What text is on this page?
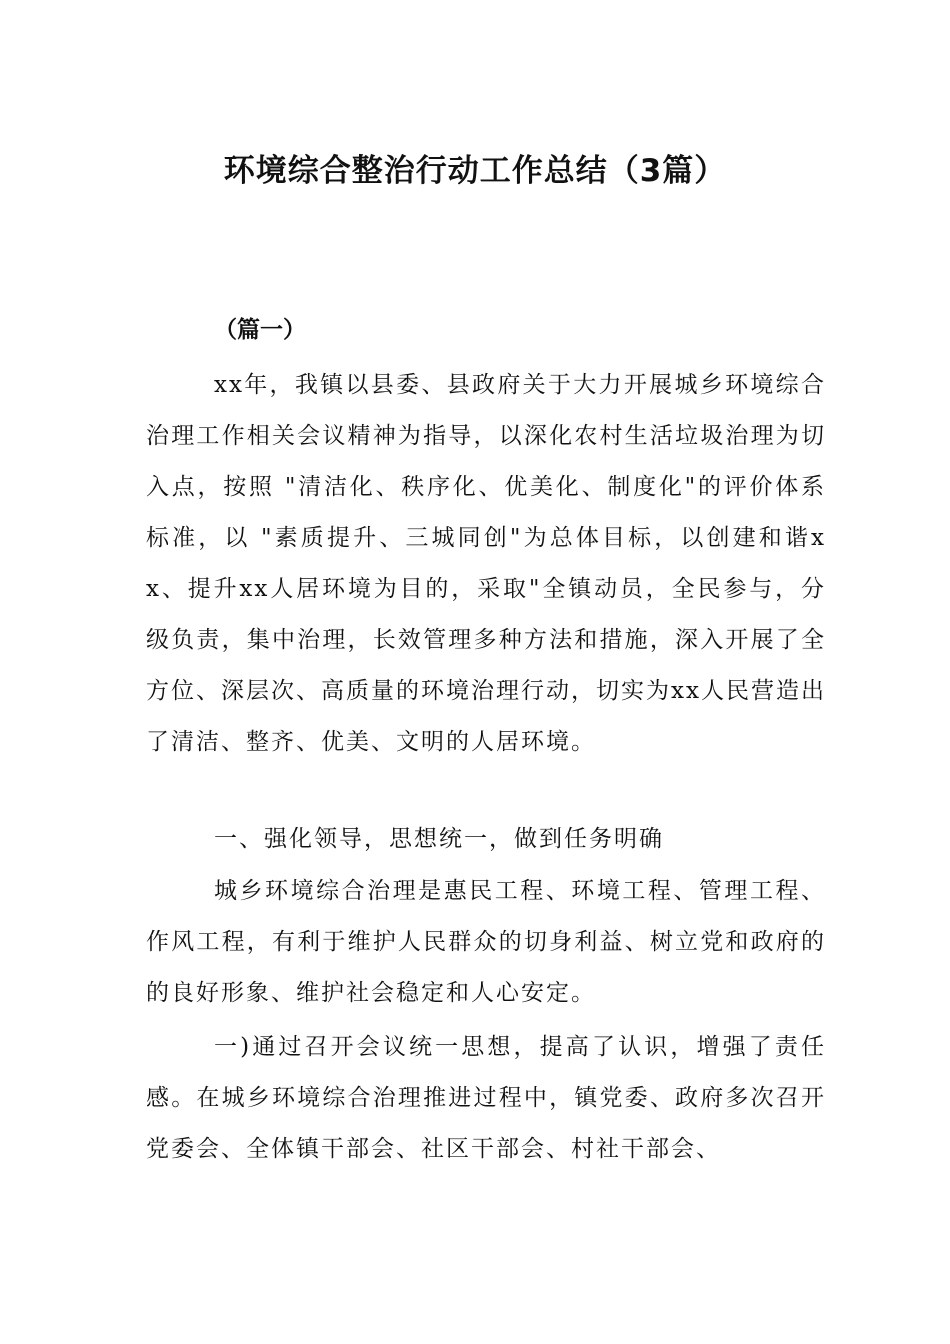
环境综合整治行动工作总结（3篇）
（篇一）

xx年，我镇以县委、县政府关于大力开展城乡环境综合治理工作相关会议精神为指导，以深化农村生活垃圾治理为切入点，按照 "清洁化、秩序化、优美化、制度化"的评价体系标准，以 "素质提升、三城同创"为总体目标，以创建和谐xx、提升xx人居环境为目的，采取"全镇动员，全民参与，分级负责，集中治理，长效管理多种方法和措施，深入开展了全方位、深层次、高质量的环境治理行动，切实为xx人民营造出了清洁、整齐、优美、文明的人居环境。

一、强化领导，思想统一，做到任务明确

城乡环境综合治理是惠民工程、环境工程、管理工程、作风工程，有利于维护人民群众的切身利益、树立党和政府的的良好形象、维护社会稳定和人心安定。

一)通过召开会议统一思想，提高了认识，增强了责任感。在城乡环境综合治理推进过程中，镇党委、政府多次召开党委会、全体镇干部会、社区干部会、村社干部会、
